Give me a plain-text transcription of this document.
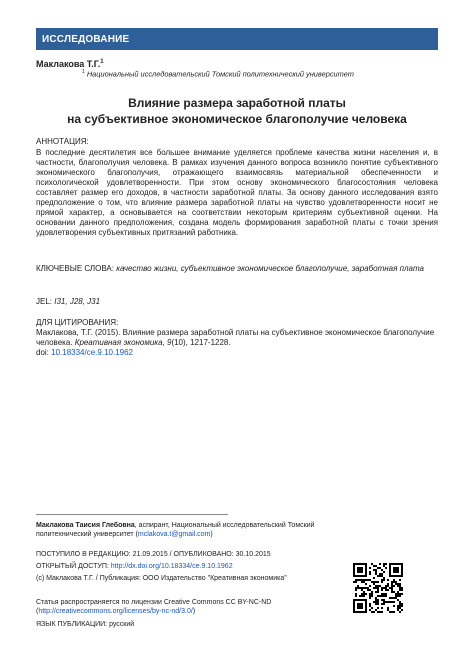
ИССЛЕДОВАНИЕ
Маклакова Т.Г.$^1$
$^1$ Национальный исследовательский Томский политехнический университет
Влияние размера заработной платы
на субъективное экономическое благополучие человека
АННОТАЦИЯ:
В последние десятилетия все большее внимание уделяется проблеме качества жизни населения и, в частности, благополучия человека. В рамках изучения данного вопроса возникло понятие субъективного экономического благополучия, отражающего взаимосвязь материальной обеспеченности и психологической удовлетворенности. При этом основу экономического благосостояния человека составляет размер его доходов, в частности заработной платы. За основу данного исследования взято предположение о том, что влияние размера заработной платы на чувство удовлетворенности носит не прямой характер, а основывается на соответствии некоторым критериям субъективной оценки. На основании данного предположения, создана модель формирования заработной платы с точки зрения удовлетворения субъективных притязаний работника.
КЛЮЧЕВЫЕ СЛОВА: качество жизни, субъективное экономическое благополучие, заработная плата
JEL: I31, J28, J31
ДЛЯ ЦИТИРОВАНИЯ:
Маклакова, Т.Г. (2015). Влияние размера заработной платы на субъективное экономическое благополучие человека. Креативная экономика, 9(10), 1217-1228.
doi: 10.18334/ce.9.10.1962
Маклакова Таисия Глебовна, аспирант, Национальный исследовательский Томский политехнический университет (mclakova.t@gmail.com)
ПОСТУПИЛО В РЕДАКЦИЮ: 21.09.2015 / ОПУБЛИКОВАНО: 30.10.2015
ОТКРЫТЫЙ ДОСТУП: http://dx.doi.org/10.18334/ce.9.10.1962
(c) Маклакова Т.Г. / Публикация: ООО Издательство "Креативная экономика"
Статья распространяется по лицензии Creative Commons CC BY-NC-ND
(http://creativecommons.org/licenses/by-nc-nd/3.0/)
ЯЗЫК ПУБЛИКАЦИИ: русский
